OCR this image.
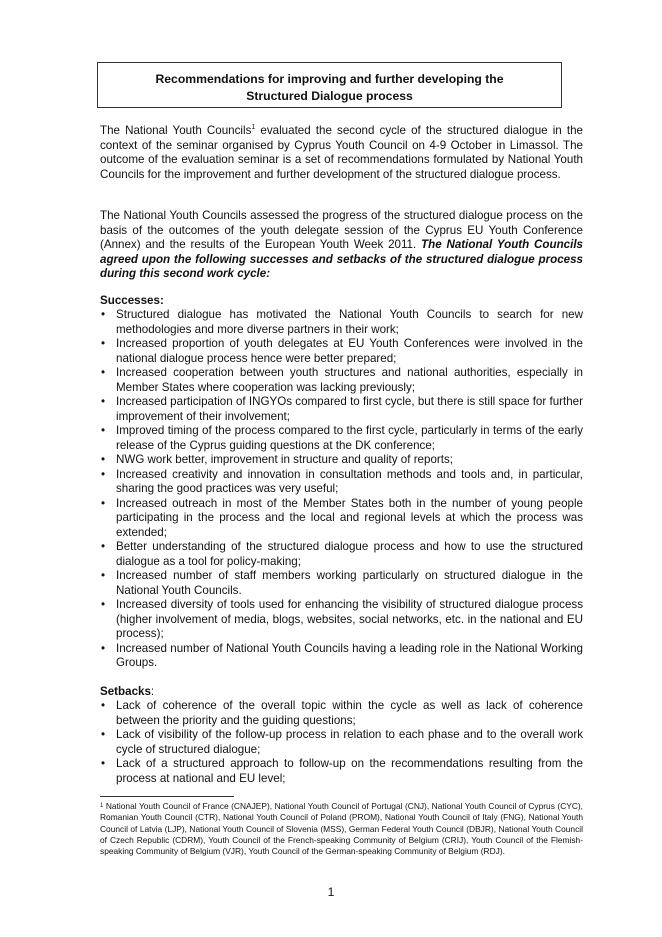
Recommendations for improving and further developing the
Structured Dialogue process

The National Youth Councils$^1$ evaluated the second cycle of the structured dialogue in the context of the seminar organised by Cyprus Youth Council on 4-9 October in Limassol. The outcome of the evaluation seminar is a set of recommendations formulated by National Youth Councils for the improvement and further development of the structured dialogue process.

The National Youth Councils assessed the progress of the structured dialogue process on the basis of the outcomes of the youth delegate session of the Cyprus EU Youth Conference (Annex) and the results of the European Youth Week 2011. The National Youth Councils agreed upon the following successes and setbacks of the structured dialogue process during this second work cycle:

Successes:
• Structured dialogue has motivated the National Youth Councils to search for new methodologies and more diverse partners in their work;
• Increased proportion of youth delegates at EU Youth Conferences were involved in the national dialogue process hence were better prepared;
• Increased cooperation between youth structures and national authorities, especially in Member States where cooperation was lacking previously;
• Increased participation of INGYOs compared to first cycle, but there is still space for further improvement of their involvement;
• Improved timing of the process compared to the first cycle, particularly in terms of the early release of the Cyprus guiding questions at the DK conference;
• NWG work better, improvement in structure and quality of reports;
• Increased creativity and innovation in consultation methods and tools and, in particular, sharing the good practices was very useful;
• Increased outreach in most of the Member States both in the number of young people participating in the process and the local and regional levels at which the process was extended;
• Better understanding of the structured dialogue process and how to use the structured dialogue as a tool for policy-making;
• Increased number of staff members working particularly on structured dialogue in the National Youth Councils.
• Increased diversity of tools used for enhancing the visibility of structured dialogue process (higher involvement of media, blogs, websites, social networks, etc. in the national and EU process);
• Increased number of National Youth Councils having a leading role in the National Working Groups.
Setbacks:
• Lack of coherence of the overall topic within the cycle as well as lack of coherence between the priority and the guiding questions;
• Lack of visibility of the follow-up process in relation to each phase and to the overall work cycle of structured dialogue;
• Lack of a structured approach to follow-up on the recommendations resulting from the process at national and EU level;

$^1$ National Youth Council of France (CNAJEP), National Youth Council of Portugal (CNJ), National Youth Council of Cyprus (CYC), Romanian Youth Council (CTR), National Youth Council of Poland (PROM), National Youth Council of Italy (FNG), National Youth Council of Latvia (LJP), National Youth Council of Slovenia (MSS), German Federal Youth Council (DBJR), National Youth Council of Czech Republic (CDRM), Youth Council of the French-speaking Community of Belgium (CRIJ), Youth Council of the Flemish-speaking Community of Belgium (VJR), Youth Council of the German-speaking Community of Belgium (RDJ).

1
